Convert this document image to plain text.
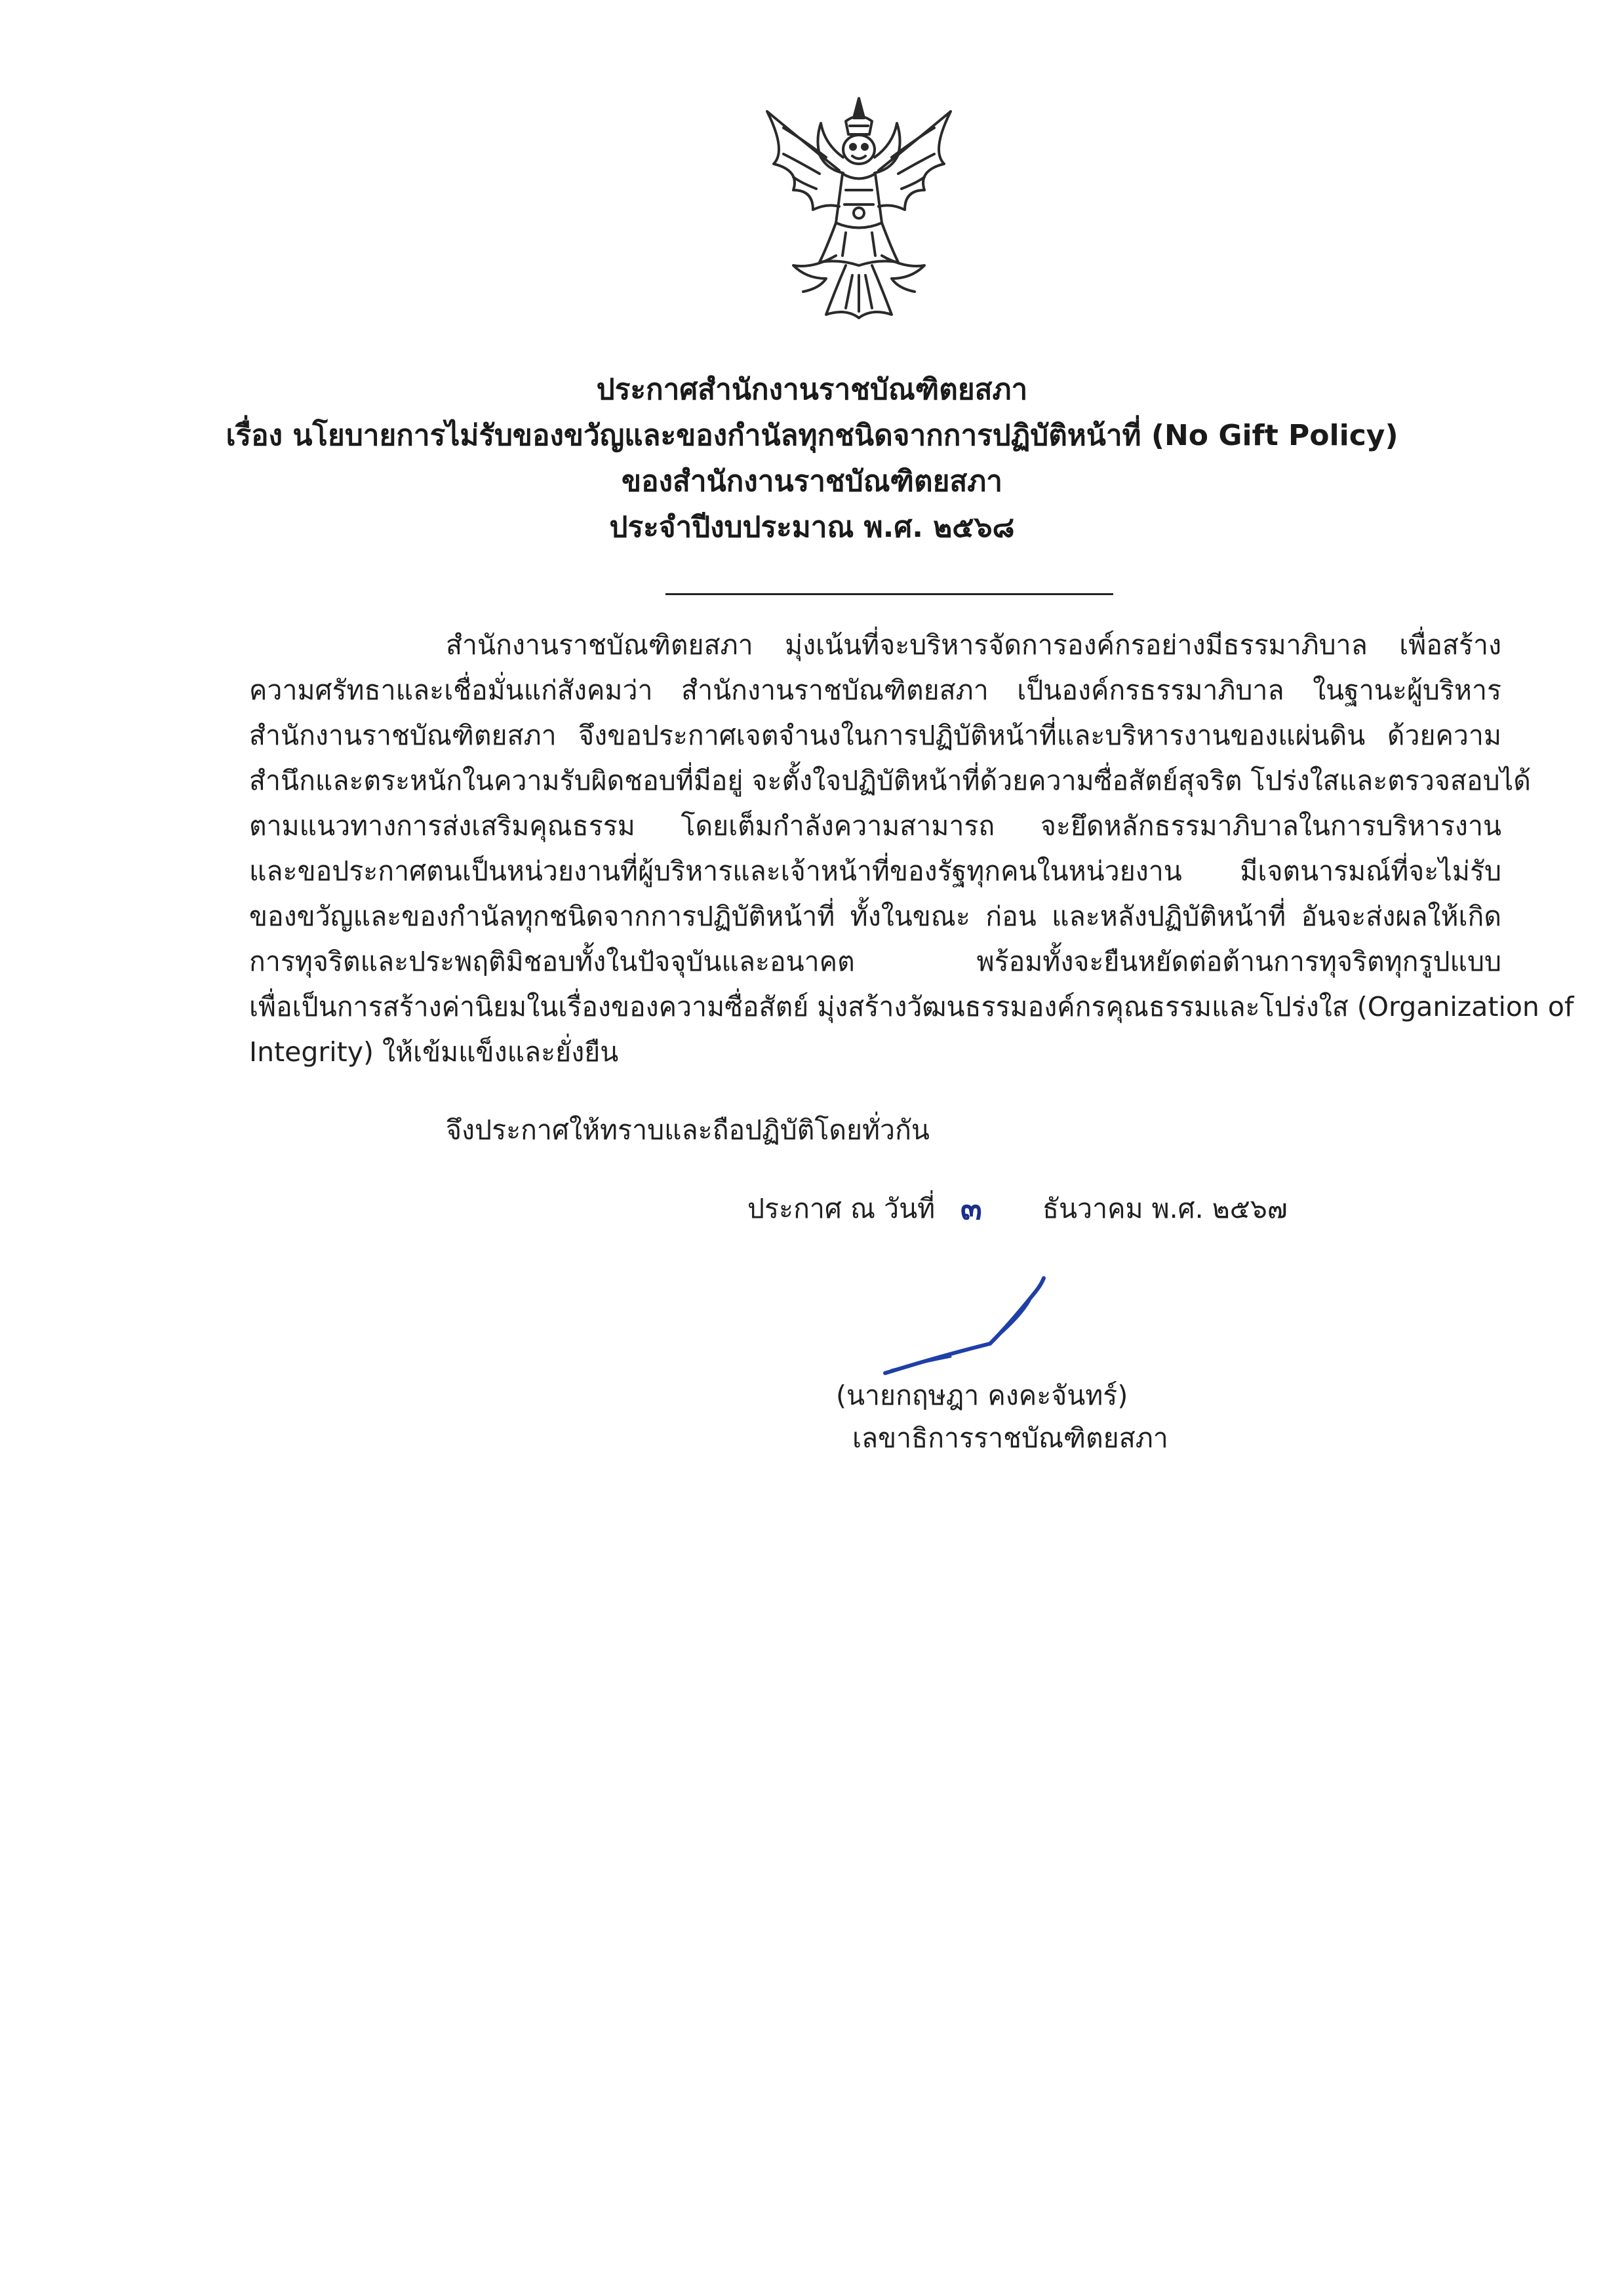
ประกาศสำนักงานราชบัณฑิตยสภา
เรื่อง นโยบายการไม่รับของขวัญและของกำนัลทุกชนิดจากการปฏิบัติหน้าที่ (No Gift Policy)
ของสำนักงานราชบัณฑิตยสภา
ประจำปีงบประมาณ พ.ศ. ๒๕๖๘
สำนักงานราชบัณฑิตยสภา มุ่งเน้นที่จะบริหารจัดการองค์กรอย่างมีธรรมาภิบาล เพื่อสร้าง
ความศรัทธาและเชื่อมั่นแก่สังคมว่า สำนักงานราชบัณฑิตยสภา เป็นองค์กรธรรมาภิบาล ในฐานะผู้บริหาร
สำนักงานราชบัณฑิตยสภา จึงขอประกาศเจตจำนงในการปฏิบัติหน้าที่และบริหารงานของแผ่นดิน ด้วยความ
สำนึกและตระหนักในความรับผิดชอบที่มีอยู่ จะตั้งใจปฏิบัติหน้าที่ด้วยความซื่อสัตย์สุจริต โปร่งใสและตรวจสอบได้
ตามแนวทางการส่งเสริมคุณธรรม โดยเต็มกำลังความสามารถ จะยึดหลักธรรมาภิบาลในการบริหารงาน
และขอประกาศตนเป็นหน่วยงานที่ผู้บริหารและเจ้าหน้าที่ของรัฐทุกคนในหน่วยงาน มีเจตนารมณ์ที่จะไม่รับ
ของขวัญและของกำนัลทุกชนิดจากการปฏิบัติหน้าที่ ทั้งในขณะ ก่อน และหลังปฏิบัติหน้าที่ อันจะส่งผลให้เกิด
การทุจริตและประพฤติมิชอบทั้งในปัจจุบันและอนาคต พร้อมทั้งจะยืนหยัดต่อต้านการทุจริตทุกรูปแบบ
เพื่อเป็นการสร้างค่านิยมในเรื่องของความซื่อสัตย์ มุ่งสร้างวัฒนธรรมองค์กรคุณธรรมและโปร่งใส (Organization of
Integrity) ให้เข้มแข็งและยั่งยืน
จึงประกาศให้ทราบและถือปฏิบัติโดยทั่วกัน
ประกาศ ณ วันที่ ๓ ธันวาคม พ.ศ. ๒๕๖๗
(นายกฤษฎา คงคะจันทร์)
เลขาธิการราชบัณฑิตยสภา
